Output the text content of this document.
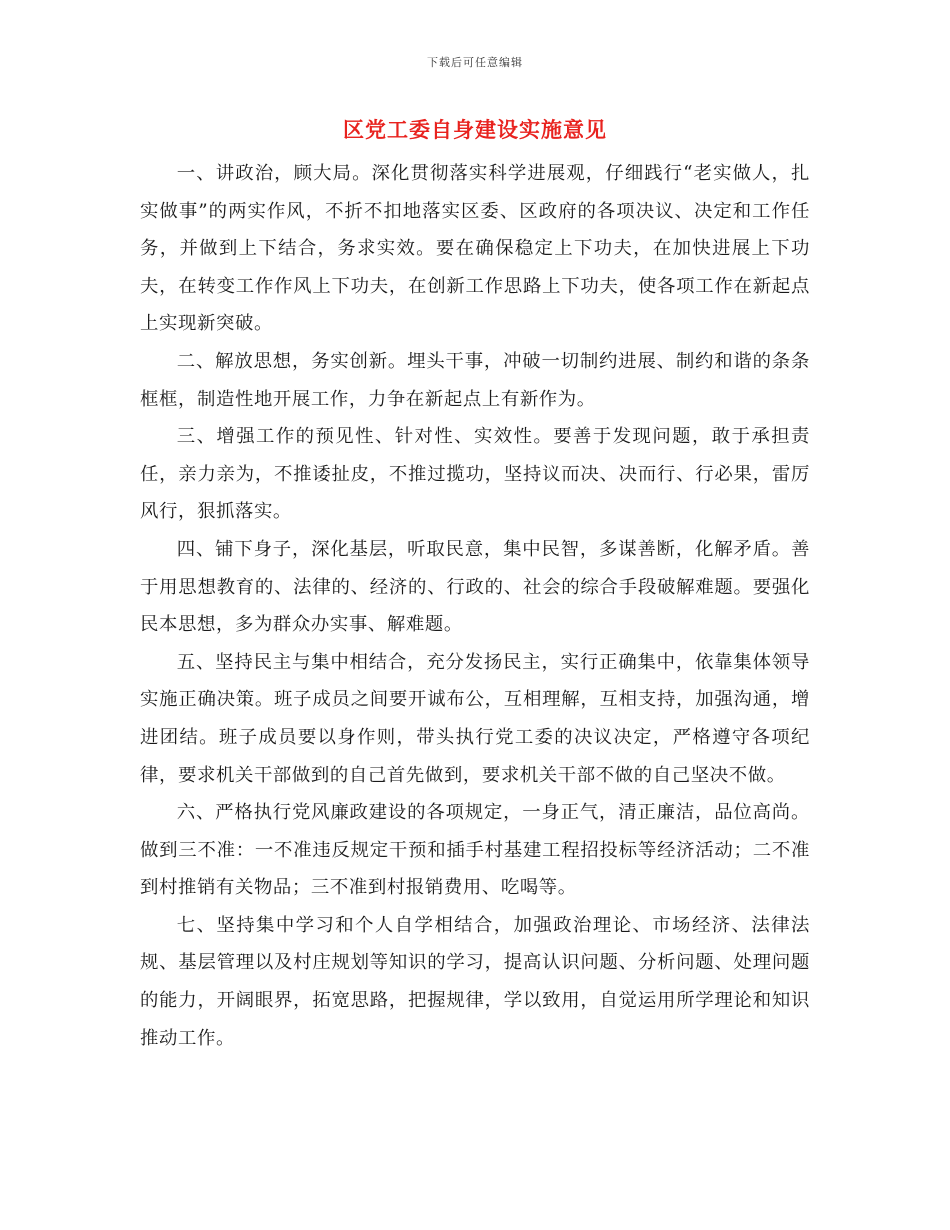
下载后可任意编辑
区党工委自身建设实施意见

一、讲政治，顾大局。深化贯彻落实科学进展观，仔细践行“老实做人，扎实做事”的两实作风，不折不扣地落实区委、区政府的各项决议、决定和工作任务，并做到上下结合，务求实效。要在确保稳定上下功夫，在加快进展上下功夫，在转变工作作风上下功夫，在创新工作思路上下功夫，使各项工作在新起点上实现新突破。

二、解放思想，务实创新。埋头干事，冲破一切制约进展、制约和谐的条条框框，制造性地开展工作，力争在新起点上有新作为。

三、增强工作的预见性、针对性、实效性。要善于发现问题，敢于承担责任，亲力亲为，不推诿扯皮，不推过揽功，坚持议而决、决而行、行必果，雷厉风行，狠抓落实。

四、铺下身子，深化基层，听取民意，集中民智，多谋善断，化解矛盾。善于用思想教育的、法律的、经济的、行政的、社会的综合手段破解难题。要强化民本思想，多为群众办实事、解难题。

五、坚持民主与集中相结合，充分发扬民主，实行正确集中，依靠集体领导实施正确决策。班子成员之间要开诚布公，互相理解，互相支持，加强沟通，增进团结。班子成员要以身作则，带头执行党工委的决议决定，严格遵守各项纪律，要求机关干部做到的自己首先做到，要求机关干部不做的自己坚决不做。

六、严格执行党风廉政建设的各项规定，一身正气，清正廉洁，品位高尚。做到三不准：一不准违反规定干预和插手村基建工程招投标等经济活动；二不准到村推销有关物品；三不准到村报销费用、吃喝等。

七、坚持集中学习和个人自学相结合，加强政治理论、市场经济、法律法规、基层管理以及村庄规划等知识的学习，提高认识问题、分析问题、处理问题的能力，开阔眼界，拓宽思路，把握规律，学以致用，自觉运用所学理论和知识推动工作。
